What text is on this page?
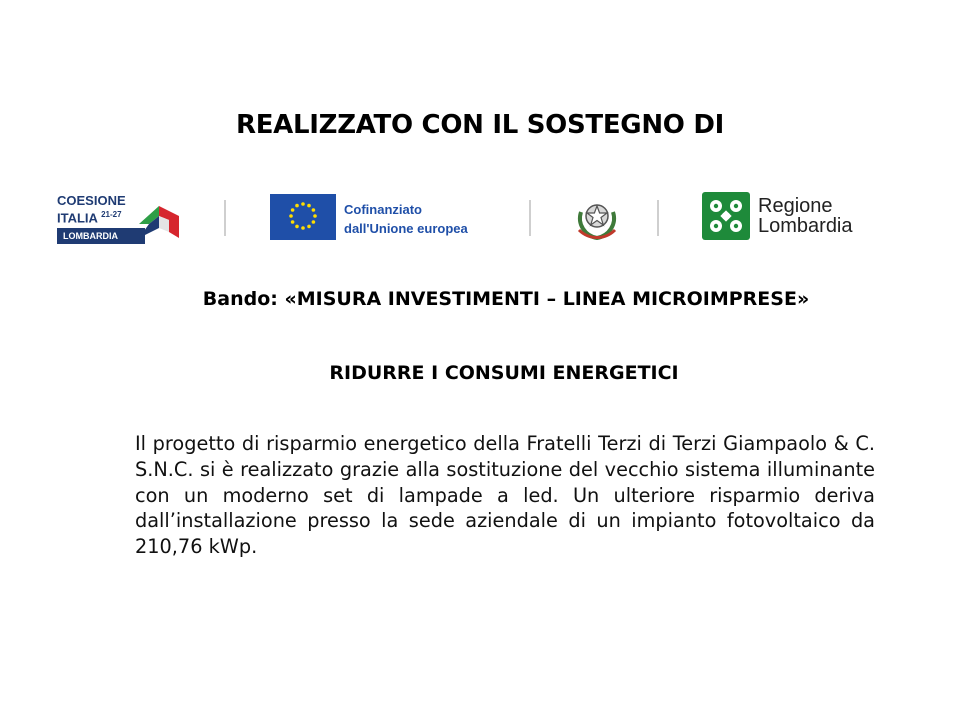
REALIZZATO CON IL SOSTEGNO DI
COESIONE
ITALIA $^{21-27}$
LOMBARDIA
Cofinanziato
dall'Unione europea
Regione
Lombardia
Bando: «MISURA INVESTIMENTI – LINEA MICROIMPRESE»
RIDURRE I CONSUMI ENERGETICI

Il progetto di risparmio energetico della Fratelli Terzi di Terzi Giampaolo & C. S.N.C. si è realizzato grazie alla sostituzione del vecchio sistema illuminante con un moderno set di lampade a led. Un ulteriore risparmio deriva dall’installazione presso la sede aziendale di un impianto fotovoltaico da 210,76 kWp.
